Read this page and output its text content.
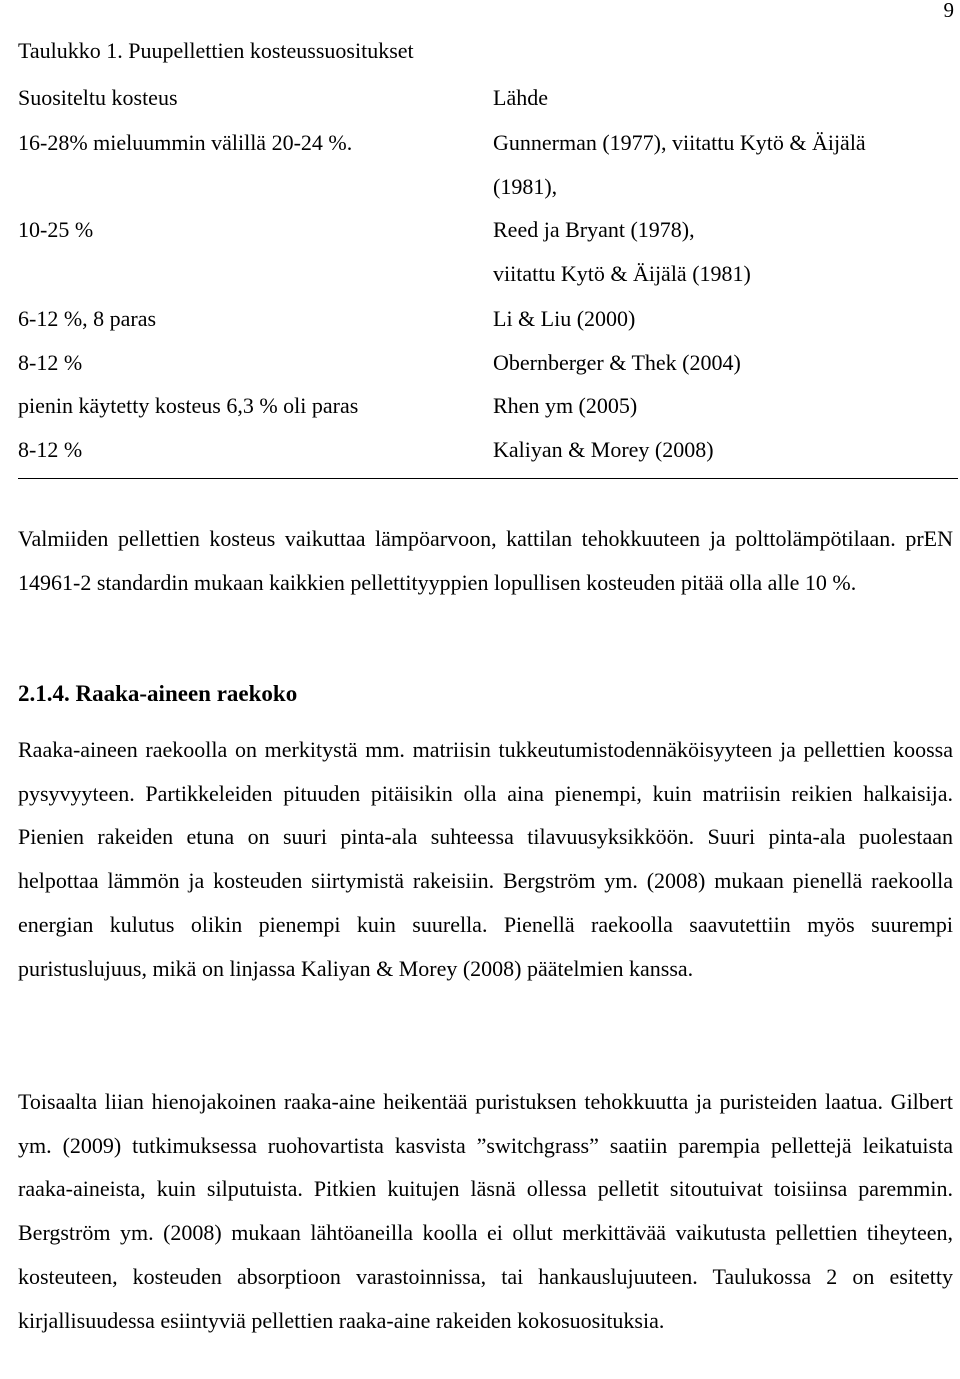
9
Taulukko 1. Puupellettien kosteussuositukset
Suositeltu kosteus	Lähde
16-28% mieluummin välillä 20-24 %.	Gunnerman (1977), viitattu Kytö & Äijälä
(1981),
10-25 %	Reed ja Bryant (1978),
viitattu Kytö & Äijälä (1981)
6-12 %, 8 paras	Li & Liu (2000)
8-12 %	Obernberger & Thek (2004)
pienin käytetty kosteus 6,3 % oli paras	Rhen ym (2005)
8-12 %	Kaliyan & Morey (2008)
Valmiiden pellettien kosteus vaikuttaa lämpöarvoon, kattilan tehokkuuteen ja polttolämpötilaan. prEN 14961-2 standardin mukaan kaikkien pellettityyppien lopullisen kosteuden pitää olla alle 10 %.
2.1.4. Raaka-aineen raekoko
Raaka-aineen raekoolla on merkitystä mm. matriisin tukkeutumistodennäköisyyteen ja pellettien koossa pysyvyyteen. Partikkeleiden pituuden pitäisikin olla aina pienempi, kuin matriisin reikien halkaisija. Pienien rakeiden etuna on suuri pinta-ala suhteessa tilavuusyksikköön. Suuri pinta-ala puolestaan helpottaa lämmön ja kosteuden siirtymistä rakeisiin. Bergström ym. (2008) mukaan pienellä raekoolla energian kulutus olikin pienempi kuin suurella. Pienellä raekoolla saavutettiin myös suurempi puristuslujuus, mikä on linjassa Kaliyan & Morey (2008) päätelmien kanssa.
Toisaalta liian hienojakoinen raaka-aine heikentää puristuksen tehokkuutta ja puristeiden laatua. Gilbert ym. (2009) tutkimuksessa ruohovartista kasvista ”switchgrass” saatiin parempia pellettejä leikatuista raaka-aineista, kuin silputuista. Pitkien kuitujen läsnä ollessa pelletit sitoutuivat toisiinsa paremmin. Bergström ym. (2008) mukaan lähtöaneilla koolla ei ollut merkittävää vaikutusta pellettien tiheyteen, kosteuteen, kosteuden absorptioon varastoinnissa, tai hankauslujuuteen. Taulukossa 2 on esitetty kirjallisuudessa esiintyviä pellettien raaka-aine rakeiden kokosuosituksia.
